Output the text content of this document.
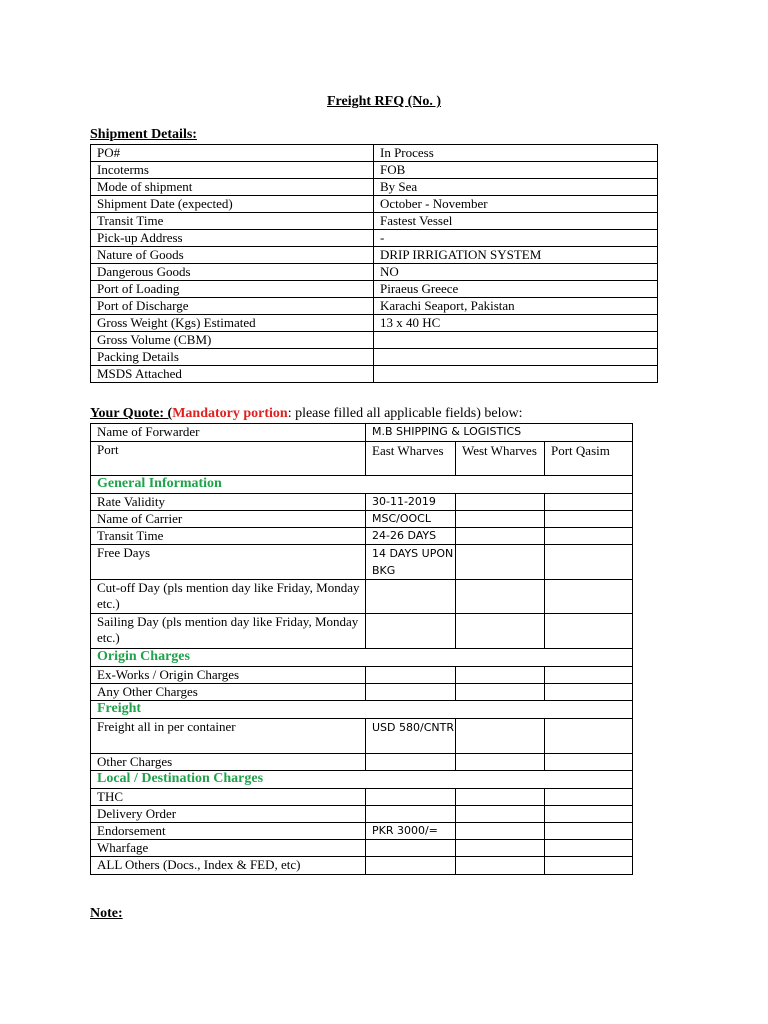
Freight RFQ (No. )
Shipment Details:
PO#	In Process
Incoterms	FOB
Mode of shipment	By Sea
Shipment Date (expected)	October - November
Transit Time	Fastest Vessel
Pick-up Address	-
Nature of Goods	DRIP IRRIGATION SYSTEM
Dangerous Goods	NO
Port of Loading	Piraeus Greece
Port of Discharge	Karachi Seaport, Pakistan
Gross Weight (Kgs) Estimated	13 x 40 HC
Gross Volume (CBM)	
Packing Details	
MSDS Attached	
Your Quote: (Mandatory portion: please filled all applicable fields) below:
Name of Forwarder	M.B SHIPPING & LOGISTICS		
Port	East Wharves	West Wharves	Port Qasim
General Information			
Rate Validity	30-11-2019		
Name of Carrier	MSC/OOCL		
Transit Time	24-26 DAYS		
Free Days	14 DAYS UPON BKG		
Cut-off Day (pls mention day like Friday, Monday etc.)			
Sailing Day (pls mention day like Friday, Monday etc.)			
Origin Charges			
Ex-Works / Origin Charges			
Any Other Charges			
Freight			
Freight all in per container	USD 580/CNTR		
Other Charges			
Local / Destination Charges			
THC			
Delivery Order			
Endorsement	PKR 3000/=		
Wharfage			
ALL Others (Docs., Index & FED, etc)			
Note:
